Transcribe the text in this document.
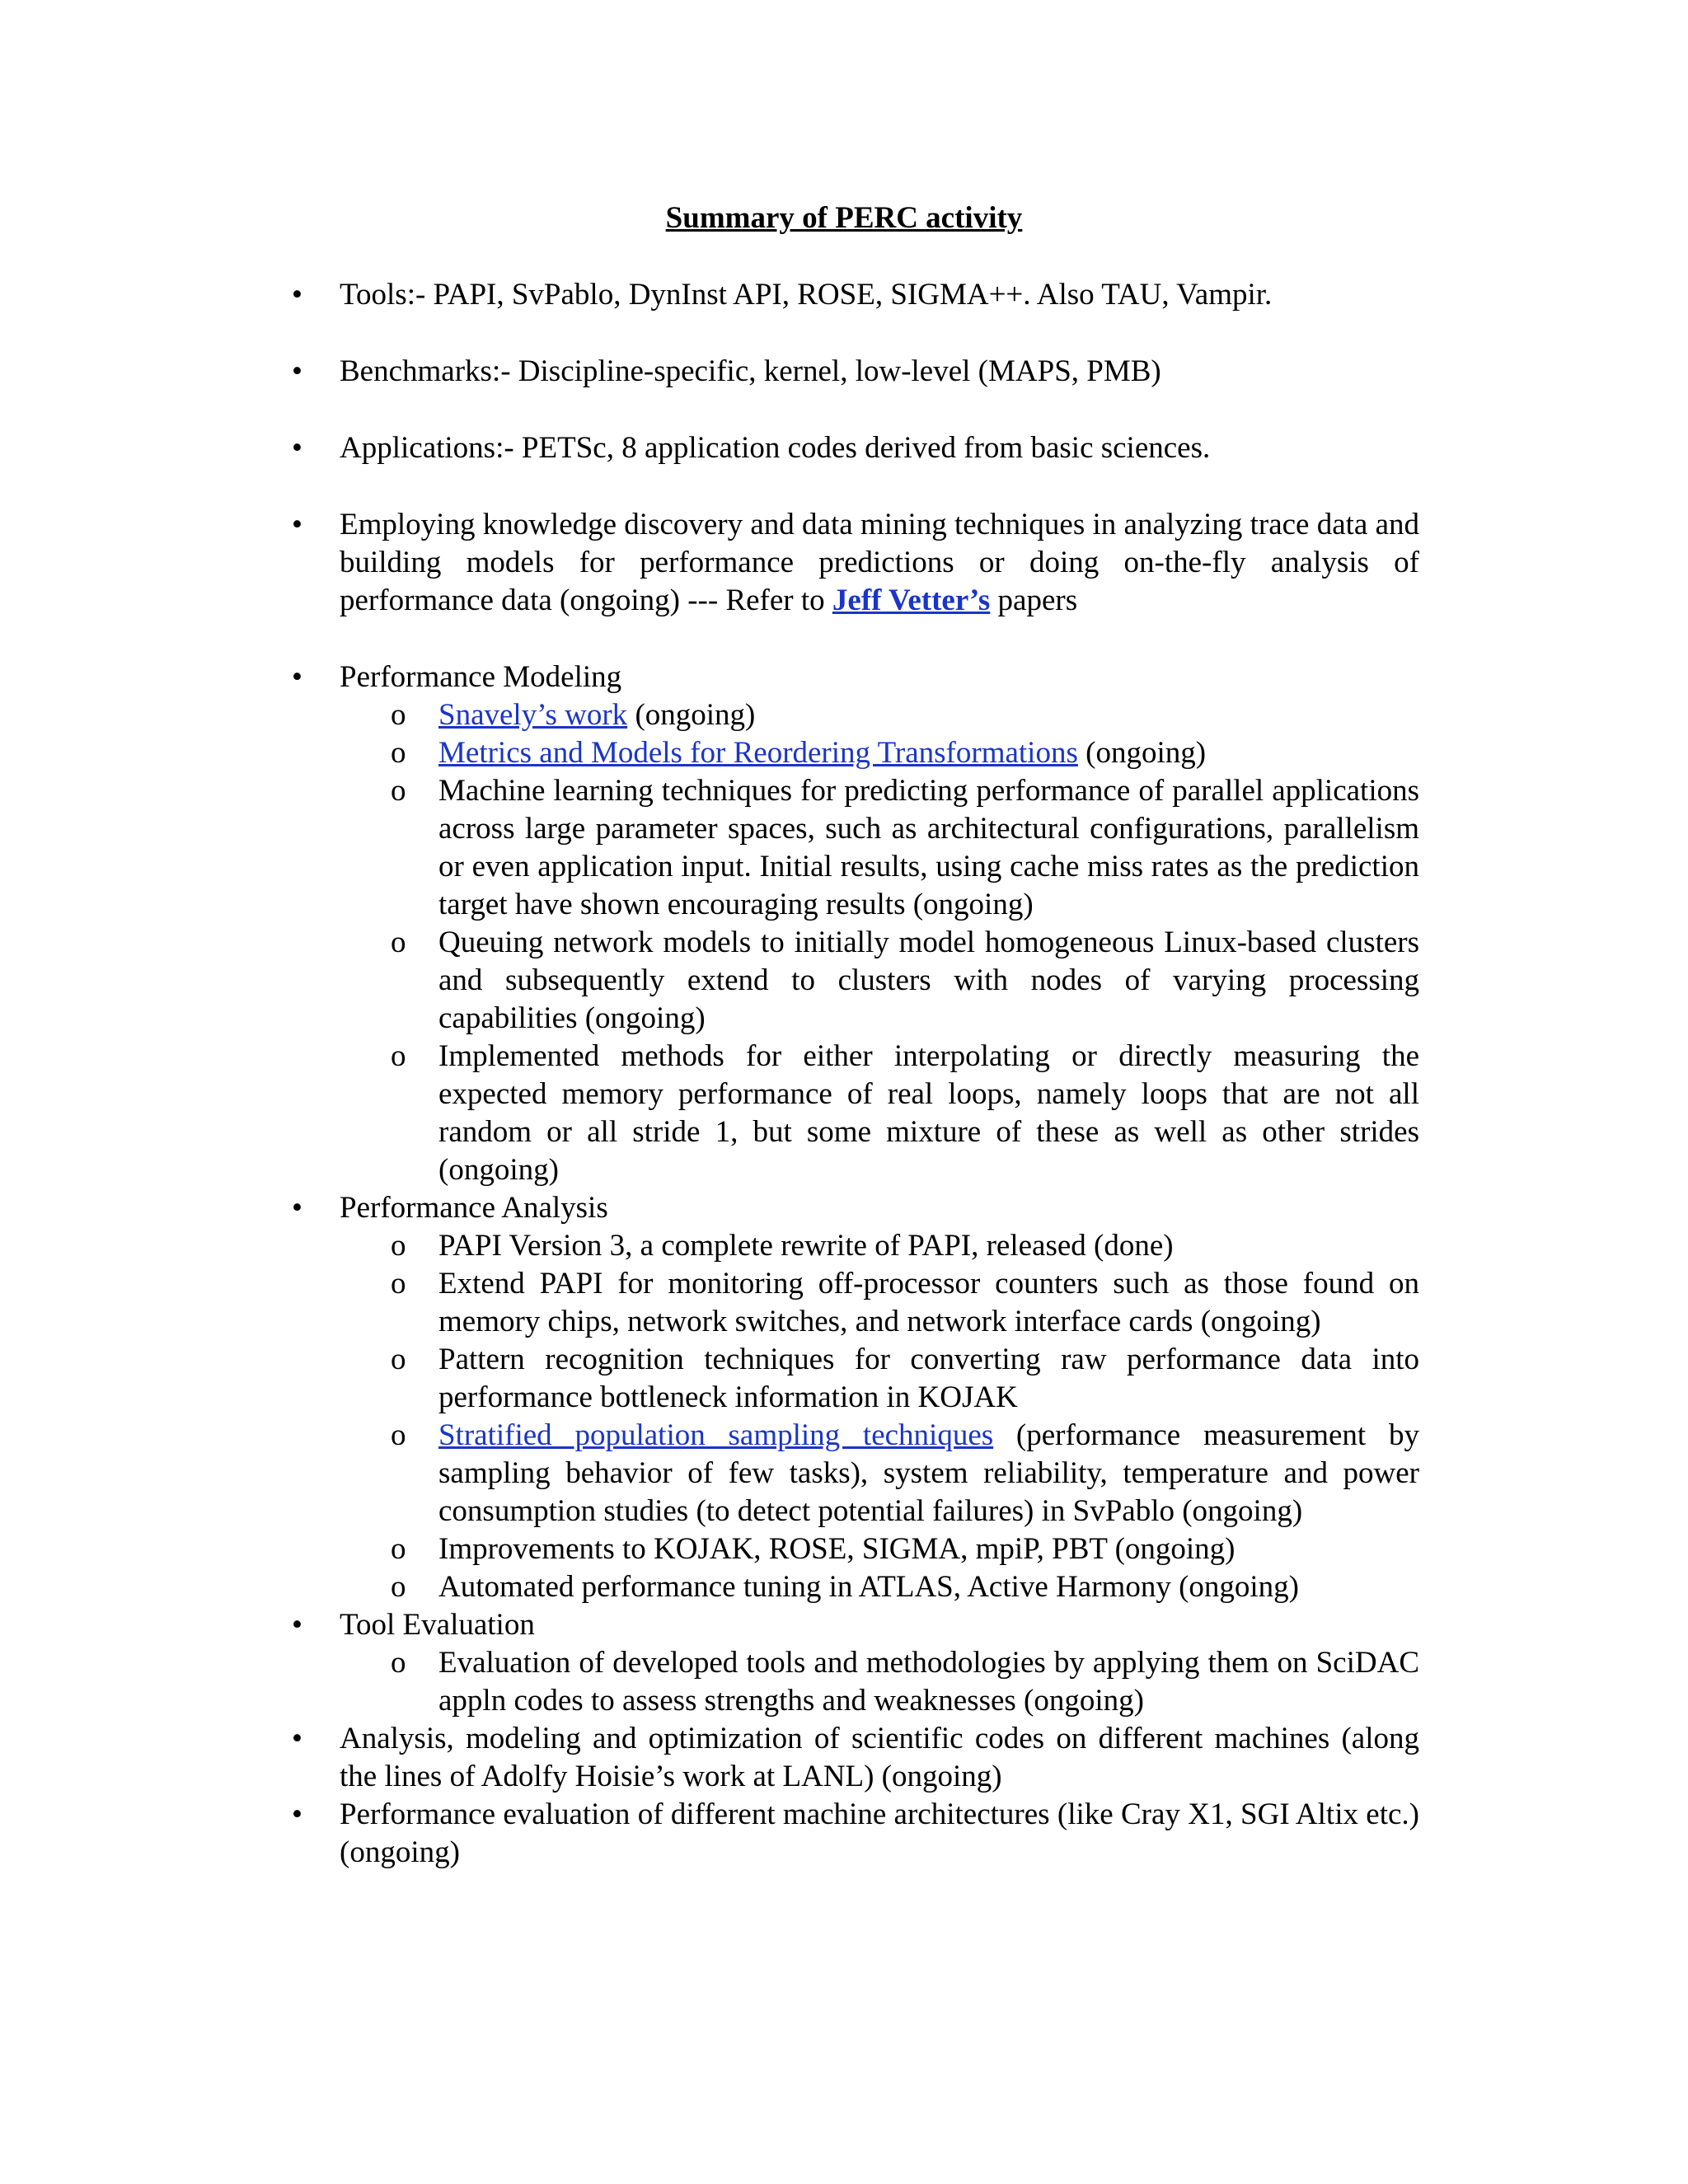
Summary of PERC activity
•	Tools:- PAPI, SvPablo, DynInst API, ROSE, SIGMA++. Also TAU, Vampir.
•	Benchmarks:- Discipline-specific, kernel, low-level (MAPS, PMB)
•	Applications:- PETSc, 8 application codes derived from basic sciences.
•	Employing knowledge discovery and data mining techniques in analyzing trace data and building models for performance predictions or doing on-the-fly analysis of performance data (ongoing) --- Refer to Jeff Vetter’s papers
•	Performance Modeling
o Snavely’s work (ongoing)
o Metrics and Models for Reordering Transformations (ongoing)
o Machine learning techniques for predicting performance of parallel applications across large parameter spaces, such as architectural configurations, parallelism or even application input. Initial results, using cache miss rates as the prediction target have shown encouraging results (ongoing)
o Queuing network models to initially model homogeneous Linux-based clusters and subsequently extend to clusters with nodes of varying processing capabilities (ongoing)
o Implemented methods for either interpolating or directly measuring the expected memory performance of real loops, namely loops that are not all random or all stride 1, but some mixture of these as well as other strides (ongoing)
•	Performance Analysis
o PAPI Version 3, a complete rewrite of PAPI, released (done)
o Extend PAPI for monitoring off-processor counters such as those found on memory chips, network switches, and network interface cards (ongoing)
o Pattern recognition techniques for converting raw performance data into performance bottleneck information in KOJAK
o Stratified population sampling techniques (performance measurement by sampling behavior of few tasks), system reliability, temperature and power consumption studies (to detect potential failures) in SvPablo (ongoing)
o Improvements to KOJAK, ROSE, SIGMA, mpiP, PBT (ongoing)
o Automated performance tuning in ATLAS, Active Harmony (ongoing)
•	Tool Evaluation
o Evaluation of developed tools and methodologies by applying them on SciDAC appln codes to assess strengths and weaknesses (ongoing)
•	Analysis, modeling and optimization of scientific codes on different machines (along the lines of Adolfy Hoisie’s work at LANL) (ongoing)
•	Performance evaluation of different machine architectures (like Cray X1, SGI Altix etc.) (ongoing)
